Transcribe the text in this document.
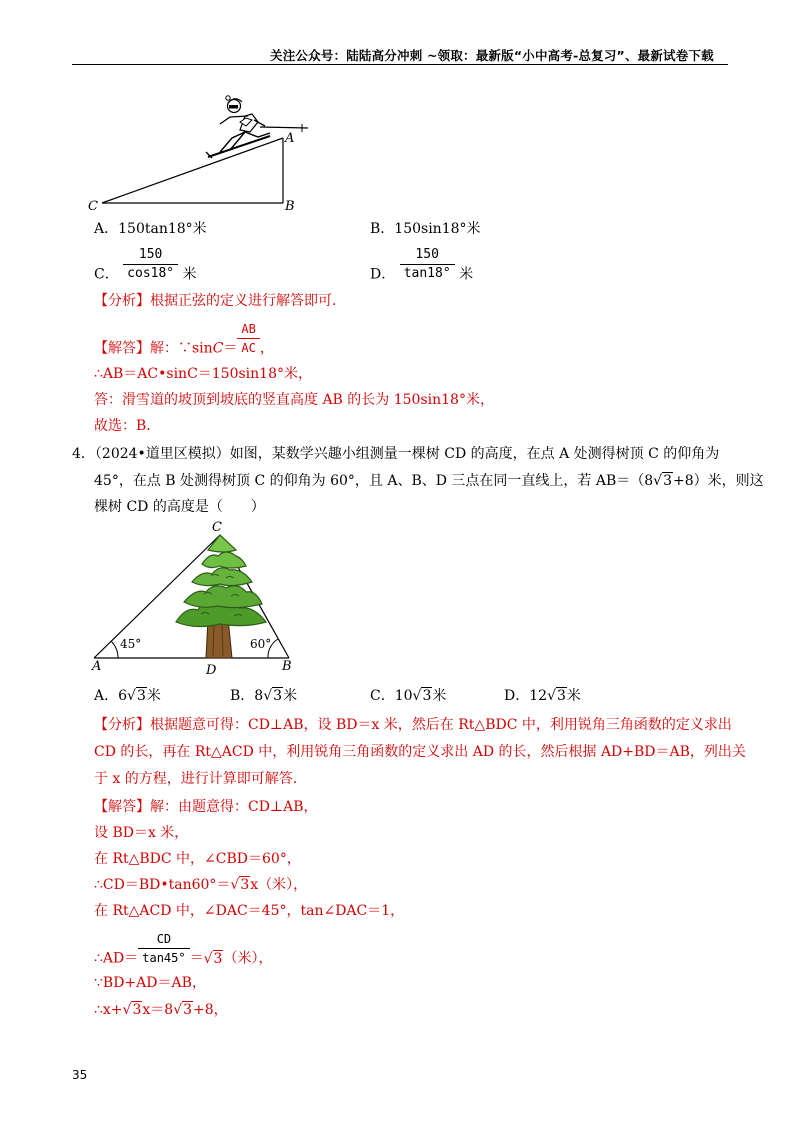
关注公众号：陆陆高分冲刺 ~领取：最新版“小中高考-总复习”、最新试卷下载
A
B
C
A．150tan18°米	B．150sin18°米
C． $\frac{150}{\cos 18^\circ}$ 米	D． $\frac{150}{\tan 18^\circ}$ 米
【分析】根据正弦的定义进行解答即可．
【解答】解：∵sinC＝ $\frac{AB}{AC}$ ，
∴AB＝AC•sinC＝150sin18°米，
答：滑雪道的坡顶到坡底的竖直高度 AB 的长为 150sin18°米，
故选：B．
4．（2024•道里区模拟）如图，某数学兴趣小组测量一棵树 CD 的高度，在点 A 处测得树顶 C 的仰角为
45°，在点 B 处测得树顶 C 的仰角为 60°，且 A、B、D 三点在同一直线上，若 AB＝（8√3+8）米，则这
棵树 CD 的高度是（　　）
C
A	D	B
45°	60°
A．6√3米	B．8√3米	C．10√3米	D．12√3米
【分析】根据题意可得：CD⊥AB，设 BD＝x 米，然后在 Rt△BDC 中，利用锐角三角函数的定义求出
CD 的长，再在 Rt△ACD 中，利用锐角三角函数的定义求出 AD 的长，然后根据 AD+BD＝AB，列出关
于 x 的方程，进行计算即可解答．
【解答】解：由题意得：CD⊥AB，
设 BD＝x 米，
在 Rt△BDC 中，∠CBD＝60°，
∴CD＝BD•tan60°＝√3x（米），
在 Rt△ACD 中，∠DAC＝45°，tan∠DAC＝1，
∴AD＝ $\frac{CD}{\tan 45^\circ} =√3$（米），
∵BD+AD＝AB，
∴x+√3x＝8√3+8，
35
